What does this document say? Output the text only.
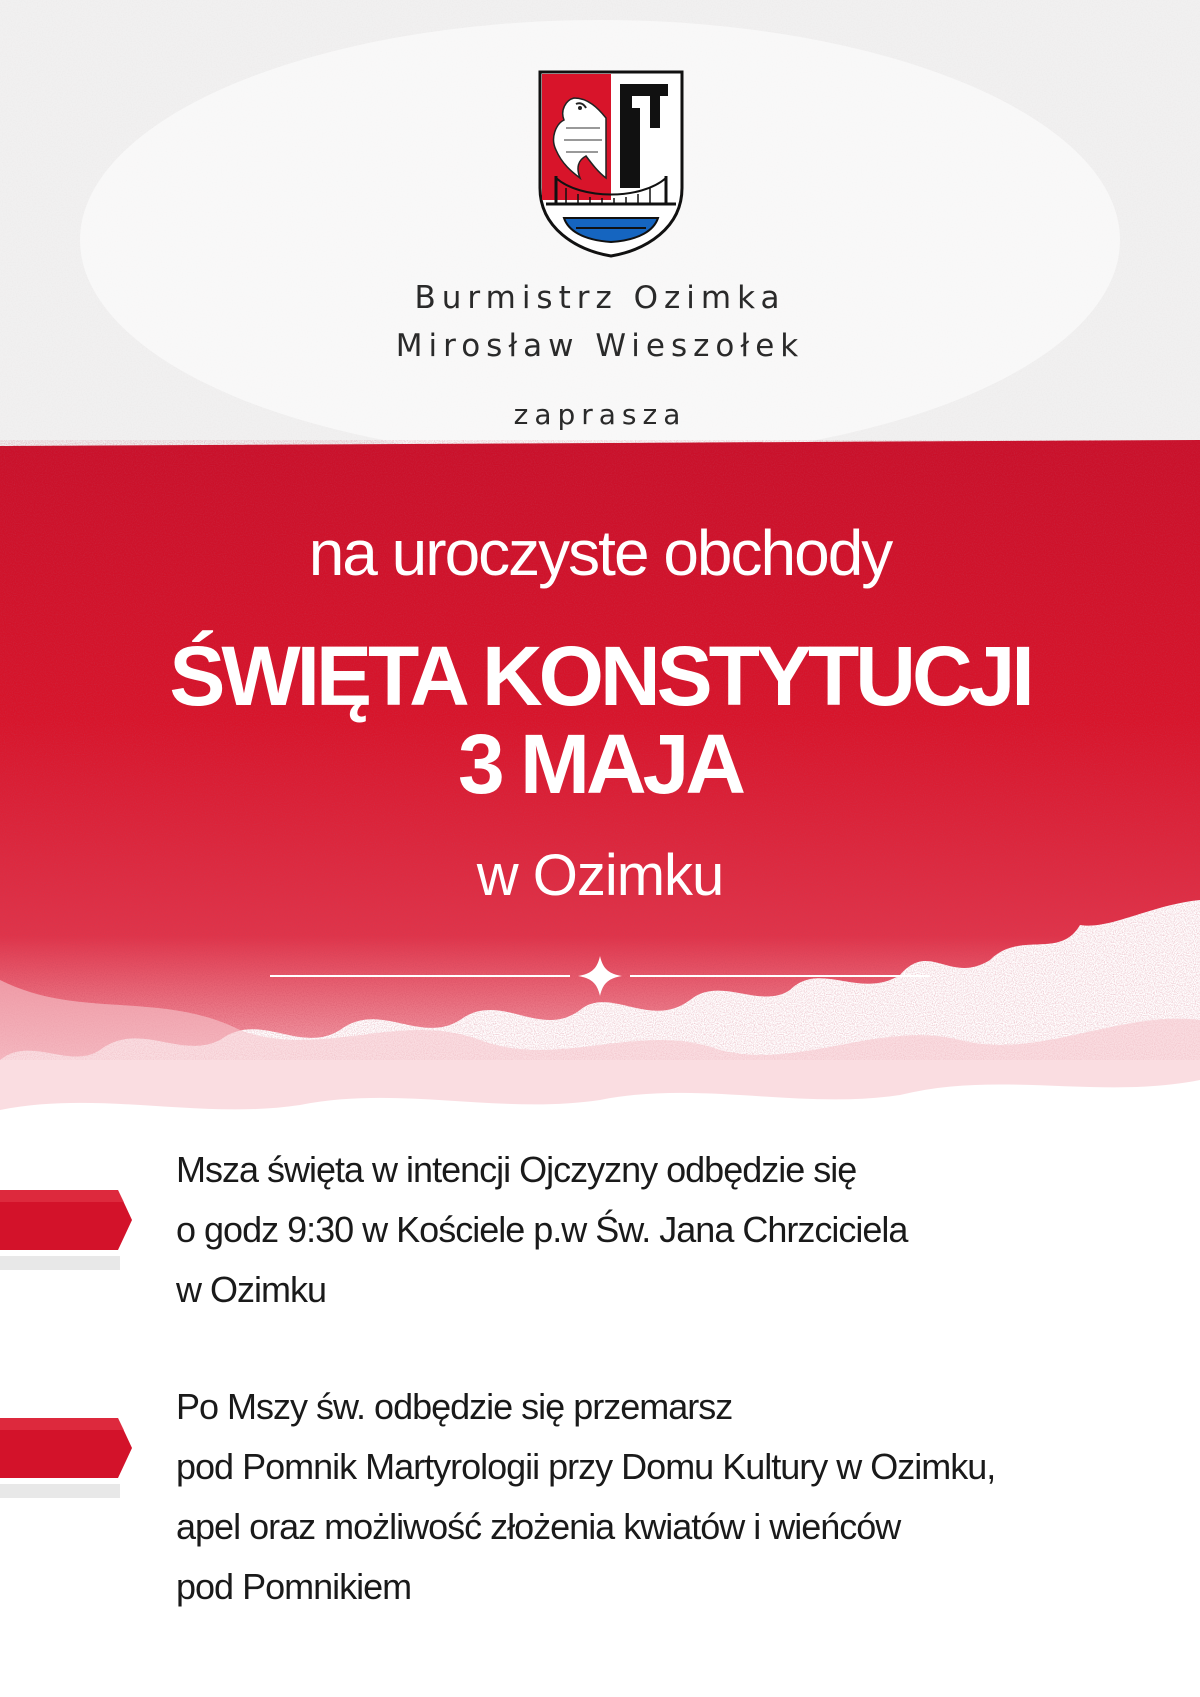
Burmistrz Ozimka
Mirosław Wieszołek
zaprasza
na uroczyste obchody
ŚWIĘTA KONSTYTUCJI
3 MAJA
w Ozimku
Msza święta w intencji Ojczyzny odbędzie się
o godz 9:30 w Kościele p.w Św. Jana Chrzciciela
w Ozimku
Po Mszy św. odbędzie się przemarsz
pod Pomnik Martyrologii przy Domu Kultury w Ozimku,
apel oraz możliwość złożenia kwiatów i wieńców
pod Pomnikiem
